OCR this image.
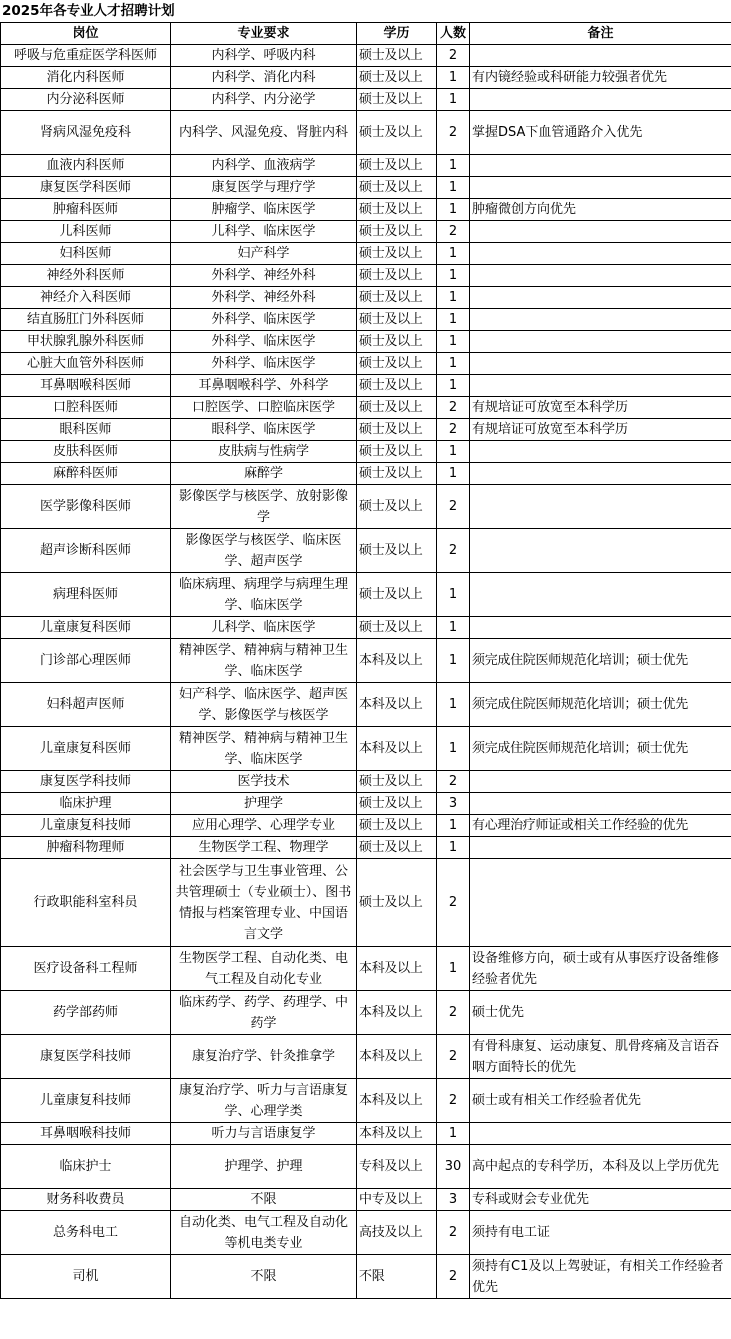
2025年各专业人才招聘计划
岗位	专业要求	学历	人数	备注
呼吸与危重症医学科医师	内科学、呼吸内科	硕士及以上	2	
消化内科医师	内科学、消化内科	硕士及以上	1	有内镜经验或科研能力较强者优先
内分泌科医师	内科学、内分泌学	硕士及以上	1	
肾病风湿免疫科	内科学、风湿免疫、肾脏内科	硕士及以上	2	掌握DSA下血管通路介入优先
血液内科医师	内科学、血液病学	硕士及以上	1	
康复医学科医师	康复医学与理疗学	硕士及以上	1	
肿瘤科医师	肿瘤学、临床医学	硕士及以上	1	肿瘤微创方向优先
儿科医师	儿科学、临床医学	硕士及以上	2	
妇科医师	妇产科学	硕士及以上	1	
神经外科医师	外科学、神经外科	硕士及以上	1	
神经介入科医师	外科学、神经外科	硕士及以上	1	
结直肠肛门外科医师	外科学、临床医学	硕士及以上	1	
甲状腺乳腺外科医师	外科学、临床医学	硕士及以上	1	
心脏大血管外科医师	外科学、临床医学	硕士及以上	1	
耳鼻咽喉科医师	耳鼻咽喉科学、外科学	硕士及以上	1	
口腔科医师	口腔医学、口腔临床医学	硕士及以上	2	有规培证可放宽至本科学历
眼科医师	眼科学、临床医学	硕士及以上	2	有规培证可放宽至本科学历
皮肤科医师	皮肤病与性病学	硕士及以上	1	
麻醉科医师	麻醉学	硕士及以上	1	
医学影像科医师	影像医学与核医学、放射影像学	硕士及以上	2	
超声诊断科医师	影像医学与核医学、临床医学、超声医学	硕士及以上	2	
病理科医师	临床病理、病理学与病理生理学、临床医学	硕士及以上	1	
儿童康复科医师	儿科学、临床医学	硕士及以上	1	
门诊部心理医师	精神医学、精神病与精神卫生学、临床医学	本科及以上	1	须完成住院医师规范化培训；硕士优先
妇科超声医师	妇产科学、临床医学、超声医学、影像医学与核医学	本科及以上	1	须完成住院医师规范化培训；硕士优先
儿童康复科医师	精神医学、精神病与精神卫生学、临床医学	本科及以上	1	须完成住院医师规范化培训；硕士优先
康复医学科技师	医学技术	硕士及以上	2	
临床护理	护理学	硕士及以上	3	
儿童康复科技师	应用心理学、心理学专业	硕士及以上	1	有心理治疗师证或相关工作经验的优先
肿瘤科物理师	生物医学工程、物理学	硕士及以上	1	
行政职能科室科员	社会医学与卫生事业管理、公共管理硕士（专业硕士）、图书情报与档案管理专业、中国语言文学	硕士及以上	2	
医疗设备科工程师	生物医学工程、自动化类、电气工程及自动化专业	本科及以上	1	设备维修方向，硕士或有从事医疗设备维修经验者优先
药学部药师	临床药学、药学、药理学、中药学	本科及以上	2	硕士优先
康复医学科技师	康复治疗学、针灸推拿学	本科及以上	2	有骨科康复、运动康复、肌骨疼痛及言语吞咽方面特长的优先
儿童康复科技师	康复治疗学、听力与言语康复学、心理学类	本科及以上	2	硕士或有相关工作经验者优先
耳鼻咽喉科技师	听力与言语康复学	本科及以上	1	
临床护士	护理学、护理	专科及以上	30	高中起点的专科学历，本科及以上学历优先
财务科收费员	不限	中专及以上	3	专科或财会专业优先
总务科电工	自动化类、电气工程及自动化等机电类专业	高技及以上	2	须持有电工证
司机	不限	不限	2	须持有C1及以上驾驶证，有相关工作经验者优先
